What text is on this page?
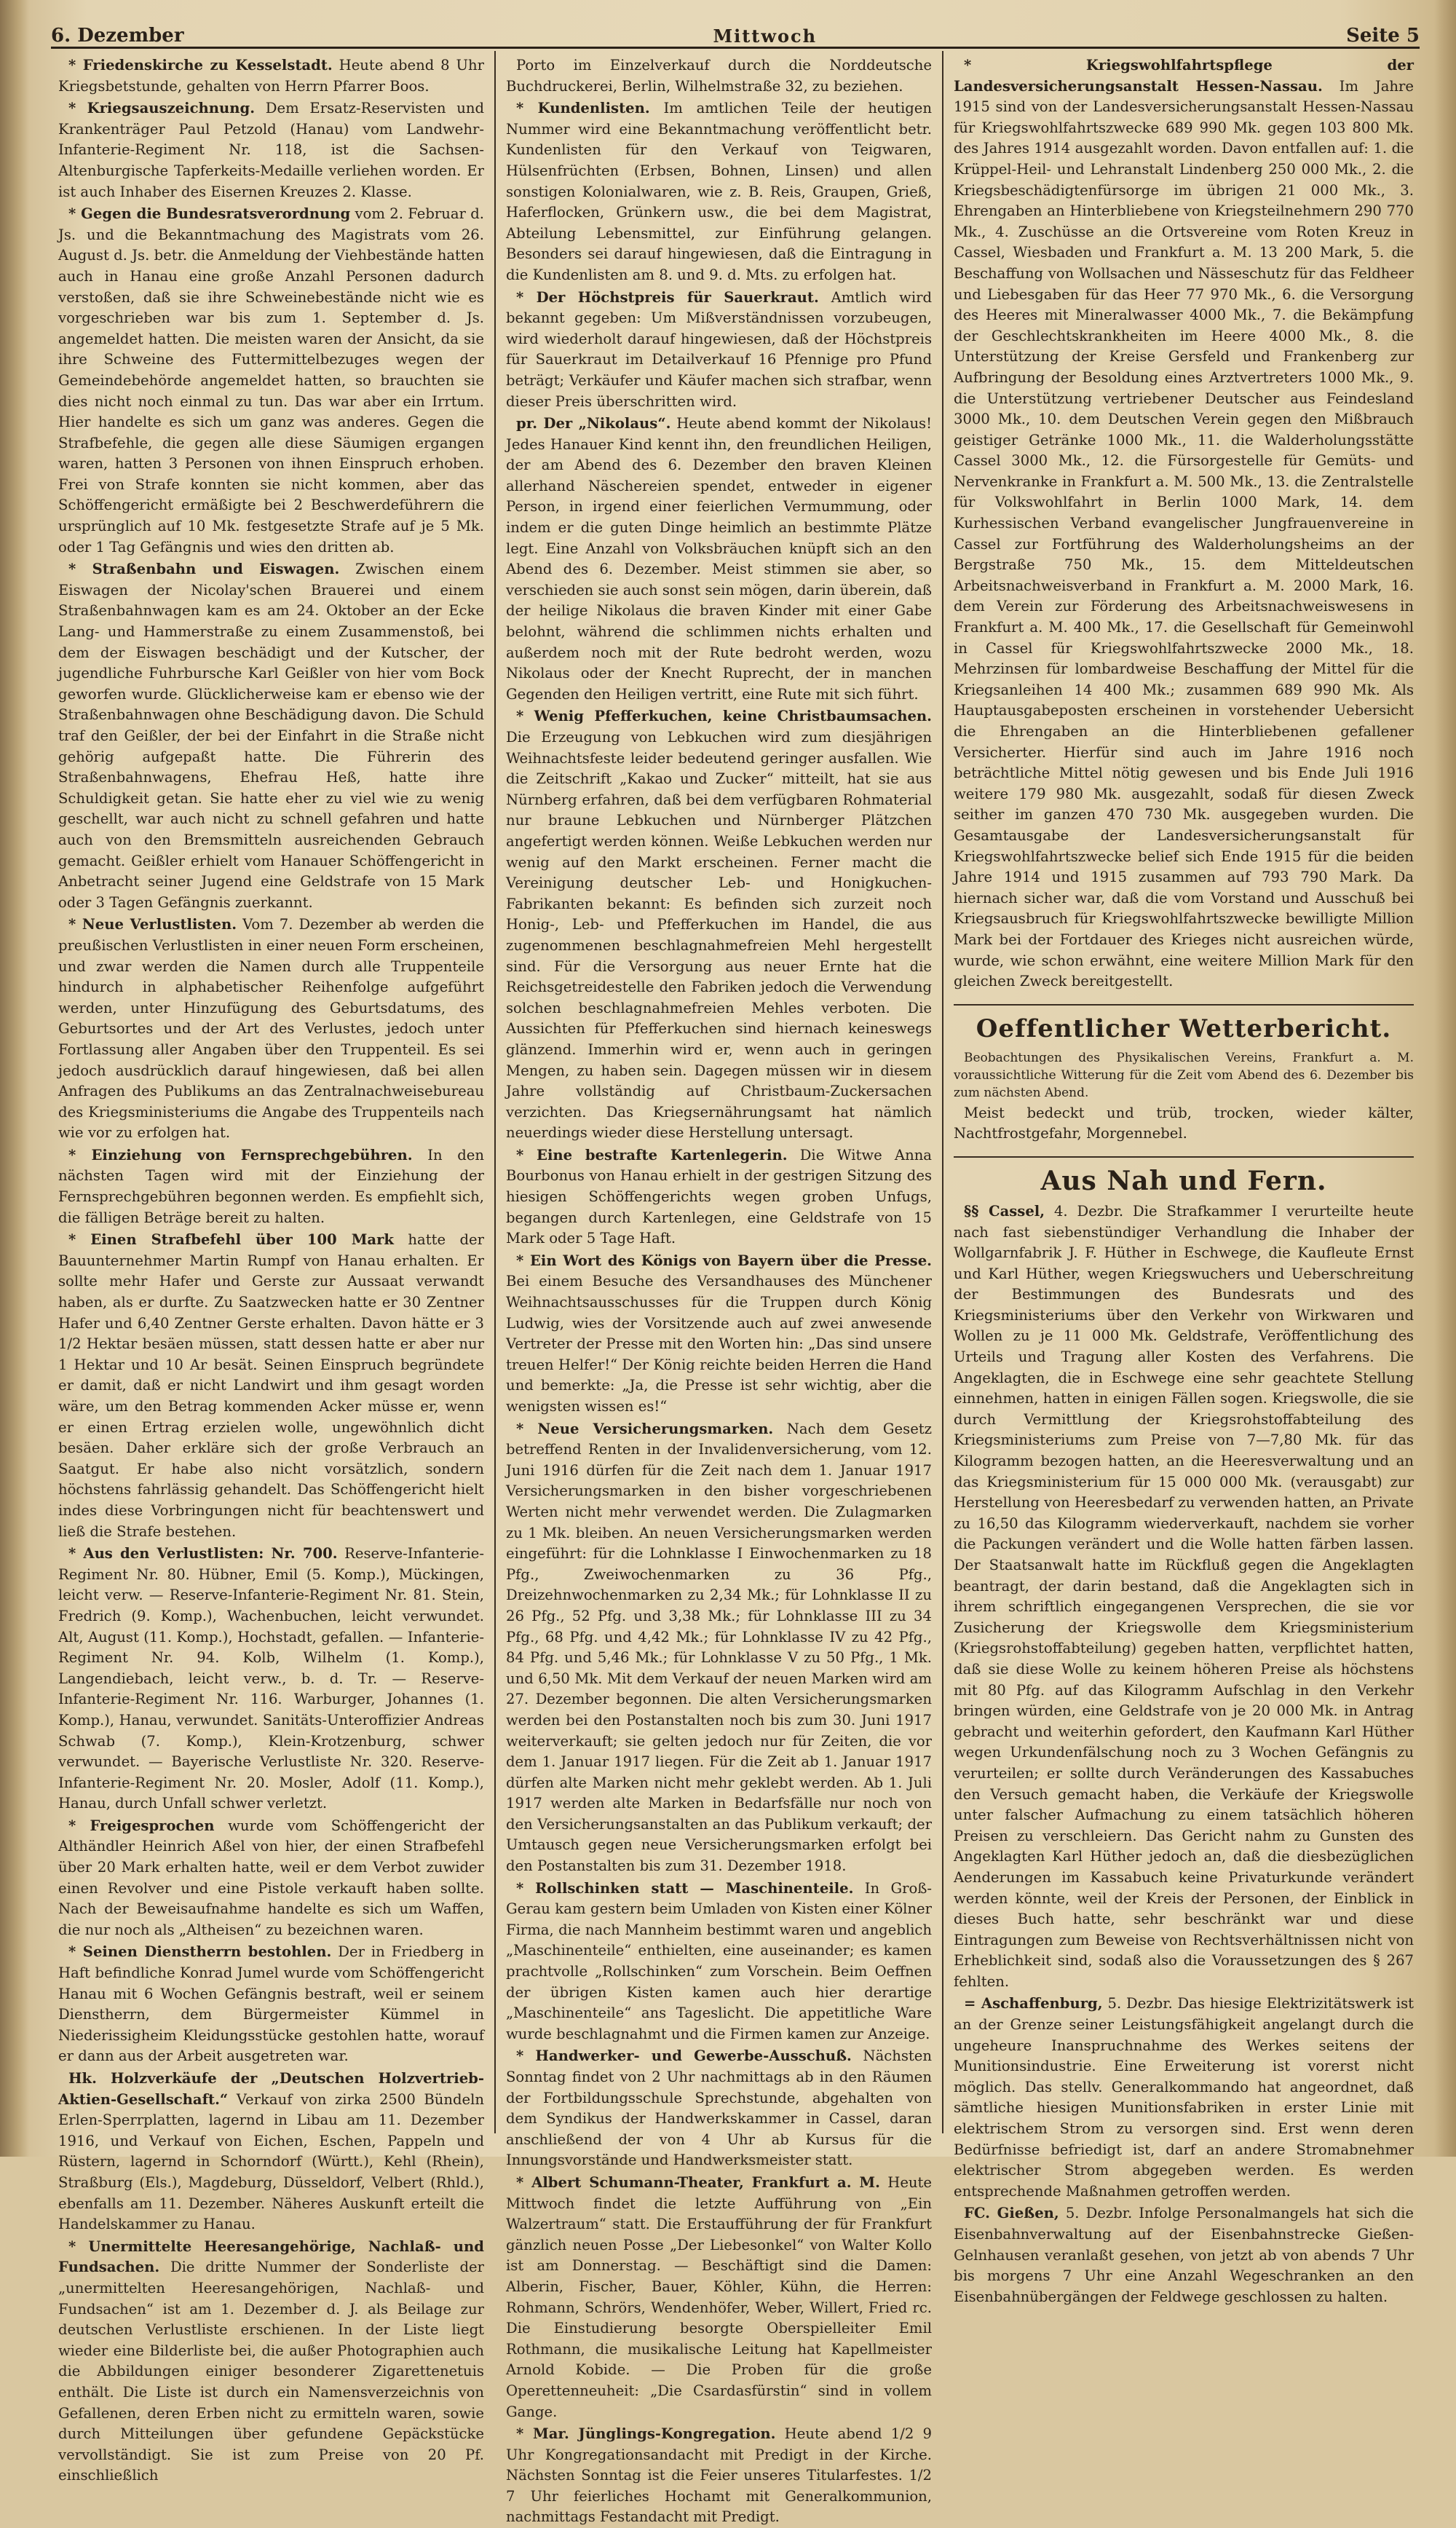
6. Dezember	Mittwoch	Seite 5

* Friedenskirche zu Kesselstadt. Heute abend 8 Uhr Kriegsbetstunde, gehalten von Herrn Pfarrer Boos.

* Kriegsauszeichnung. Dem Ersatz-Reservisten und Krankenträger Paul Petzold (Hanau) vom Landwehr-Infanterie-Regiment Nr. 118, ist die Sachsen-Altenburgische Tapferkeits-Medaille verliehen worden. Er ist auch Inhaber des Eisernen Kreuzes 2. Klasse.

* Gegen die Bundesratsverordnung vom 2. Februar d. Js. und die Bekanntmachung des Magistrats vom 26. August d. Js. betr. die Anmeldung der Viehbestände hatten auch in Hanau eine große Anzahl Personen dadurch verstoßen, daß sie ihre Schweinebestände nicht wie es vorgeschrieben war bis zum 1. September d. Js. angemeldet hatten. Die meisten waren der Ansicht, da sie ihre Schweine des Futtermittelbezuges wegen der Gemeindebehörde angemeldet hatten, so brauchten sie dies nicht noch einmal zu tun. Das war aber ein Irrtum. Hier handelte es sich um ganz was anderes. Gegen die Strafbefehle, die gegen alle diese Säumigen ergangen waren, hatten 3 Personen von ihnen Einspruch erhoben. Frei von Strafe konnten sie nicht kommen, aber das Schöffengericht ermäßigte bei 2 Beschwerdeführern die ursprünglich auf 10 Mk. festgesetzte Strafe auf je 5 Mk. oder 1 Tag Gefängnis und wies den dritten ab.

* Straßenbahn und Eiswagen. Zwischen einem Eiswagen der Nicolay'schen Brauerei und einem Straßenbahnwagen kam es am 24. Oktober an der Ecke Lang- und Hammerstraße zu einem Zusammenstoß, bei dem der Eiswagen beschädigt und der Kutscher, der jugendliche Fuhrbursche Karl Geißler von hier vom Bock geworfen wurde. Glücklicherweise kam er ebenso wie der Straßenbahnwagen ohne Beschädigung davon. Die Schuld traf den Geißler, der bei der Einfahrt in die Straße nicht gehörig aufgepaßt hatte. Die Führerin des Straßenbahnwagens, Ehefrau Heß, hatte ihre Schuldigkeit getan. Sie hatte eher zu viel wie zu wenig geschellt, war auch nicht zu schnell gefahren und hatte auch von den Bremsmitteln ausreichenden Gebrauch gemacht. Geißler erhielt vom Hanauer Schöffengericht in Anbetracht seiner Jugend eine Geldstrafe von 15 Mark oder 3 Tagen Gefängnis zuerkannt.

* Neue Verlustlisten. Vom 7. Dezember ab werden die preußischen Verlustlisten in einer neuen Form erscheinen, und zwar werden die Namen durch alle Truppenteile hindurch in alphabetischer Reihenfolge aufgeführt werden, unter Hinzufügung des Geburtsdatums, des Geburtsortes und der Art des Verlustes, jedoch unter Fortlassung aller Angaben über den Truppenteil. Es sei jedoch ausdrücklich darauf hingewiesen, daß bei allen Anfragen des Publikums an das Zentralnachweisebureau des Kriegsministeriums die Angabe des Truppenteils nach wie vor zu erfolgen hat.

* Einziehung von Fernsprechgebühren. In den nächsten Tagen wird mit der Einziehung der Fernsprechgebühren begonnen werden. Es empfiehlt sich, die fälligen Beträge bereit zu halten.

* Einen Strafbefehl über 100 Mark hatte der Bauunternehmer Martin Rumpf von Hanau erhalten. Er sollte mehr Hafer und Gerste zur Aussaat verwandt haben, als er durfte. Zu Saatzwecken hatte er 30 Zentner Hafer und 6,40 Zentner Gerste erhalten. Davon hätte er 3 1/2 Hektar besäen müssen, statt dessen hatte er aber nur 1 Hektar und 10 Ar besät. Seinen Einspruch begründete er damit, daß er nicht Landwirt und ihm gesagt worden wäre, um den Betrag kommenden Acker müsse er, wenn er einen Ertrag erzielen wolle, ungewöhnlich dicht besäen. Daher erkläre sich der große Verbrauch an Saatgut. Er habe also nicht vorsätzlich, sondern höchstens fahrlässig gehandelt. Das Schöffengericht hielt indes diese Vorbringungen nicht für beachtenswert und ließ die Strafe bestehen.

* Aus den Verlustlisten: Nr. 700. Reserve-Infanterie-Regiment Nr. 80. Hübner, Emil (5. Komp.), Mückingen, leicht verw. — Reserve-Infanterie-Regiment Nr. 81. Stein, Fredrich (9. Komp.), Wachenbuchen, leicht verwundet. Alt, August (11. Komp.), Hochstadt, gefallen. — Infanterie-Regiment Nr. 94. Kolb, Wilhelm (1. Komp.), Langendiebach, leicht verw., b. d. Tr. — Reserve-Infanterie-Regiment Nr. 116. Warburger, Johannes (1. Komp.), Hanau, verwundet. Sanitäts-Unteroffizier Andreas Schwab (7. Komp.), Klein-Krotzenburg, schwer verwundet. — Bayerische Verlustliste Nr. 320. Reserve-Infanterie-Regiment Nr. 20. Mosler, Adolf (11. Komp.), Hanau, durch Unfall schwer verletzt.

* Freigesprochen wurde vom Schöffengericht der Althändler Heinrich Aßel von hier, der einen Strafbefehl über 20 Mark erhalten hatte, weil er dem Verbot zuwider einen Revolver und eine Pistole verkauft haben sollte. Nach der Beweisaufnahme handelte es sich um Waffen, die nur noch als „Altheisen“ zu bezeichnen waren.

* Seinen Dienstherrn bestohlen. Der in Friedberg in Haft befindliche Konrad Jumel wurde vom Schöffengericht Hanau mit 6 Wochen Gefängnis bestraft, weil er seinem Dienstherrn, dem Bürgermeister Kümmel in Niederissigheim Kleidungsstücke gestohlen hatte, worauf er dann aus der Arbeit ausgetreten war.

Hk. Holzverkäufe der „Deutschen Holzvertrieb-Aktien-Gesellschaft.“ Verkauf von zirka 2500 Bündeln Erlen-Sperrplatten, lagernd in Libau am 11. Dezember 1916, und Verkauf von Eichen, Eschen, Pappeln und Rüstern, lagernd in Schorndorf (Württ.), Kehl (Rhein), Straßburg (Els.), Magdeburg, Düsseldorf, Velbert (Rhld.), ebenfalls am 11. Dezember. Näheres Auskunft erteilt die Handelskammer zu Hanau.

* Unermittelte Heeresangehörige, Nachlaß- und Fundsachen. Die dritte Nummer der Sonderliste der „unermittelten Heeresangehörigen, Nachlaß- und Fundsachen“ ist am 1. Dezember d. J. als Beilage zur deutschen Verlustliste erschienen. In der Liste liegt wieder eine Bilderliste bei, die außer Photographien auch die Abbildungen einiger besonderer Zigarettenetuis enthält. Die Liste ist durch ein Namensverzeichnis von Gefallenen, deren Erben nicht zu ermitteln waren, sowie durch Mitteilungen über gefundene Gepäckstücke vervollständigt. Sie ist zum Preise von 20 Pf. einschließlich

Porto im Einzelverkauf durch die Norddeutsche Buchdruckerei, Berlin, Wilhelmstraße 32, zu beziehen.

* Kundenlisten. Im amtlichen Teile der heutigen Nummer wird eine Bekanntmachung veröffentlicht betr. Kundenlisten für den Verkauf von Teigwaren, Hülsenfrüchten (Erbsen, Bohnen, Linsen) und allen sonstigen Kolonialwaren, wie z. B. Reis, Graupen, Grieß, Haferflocken, Grünkern usw., die bei dem Magistrat, Abteilung Lebensmittel, zur Einführung gelangen. Besonders sei darauf hingewiesen, daß die Eintragung in die Kundenlisten am 8. und 9. d. Mts. zu erfolgen hat.

* Der Höchstpreis für Sauerkraut. Amtlich wird bekannt gegeben: Um Mißverständnissen vorzubeugen, wird wiederholt darauf hingewiesen, daß der Höchstpreis für Sauerkraut im Detailverkauf 16 Pfennige pro Pfund beträgt; Verkäufer und Käufer machen sich strafbar, wenn dieser Preis überschritten wird.

pr. Der „Nikolaus“. Heute abend kommt der Nikolaus! Jedes Hanauer Kind kennt ihn, den freundlichen Heiligen, der am Abend des 6. Dezember den braven Kleinen allerhand Näschereien spendet, entweder in eigener Person, in irgend einer feierlichen Vermummung, oder indem er die guten Dinge heimlich an bestimmte Plätze legt. Eine Anzahl von Volksbräuchen knüpft sich an den Abend des 6. Dezember. Meist stimmen sie aber, so verschieden sie auch sonst sein mögen, darin überein, daß der heilige Nikolaus die braven Kinder mit einer Gabe belohnt, während die schlimmen nichts erhalten und außerdem noch mit der Rute bedroht werden, wozu Nikolaus oder der Knecht Ruprecht, der in manchen Gegenden den Heiligen vertritt, eine Rute mit sich führt.

* Wenig Pfefferkuchen, keine Christbaumsachen. Die Erzeugung von Lebkuchen wird zum diesjährigen Weihnachtsfeste leider bedeutend geringer ausfallen. Wie die Zeitschrift „Kakao und Zucker“ mitteilt, hat sie aus Nürnberg erfahren, daß bei dem verfügbaren Rohmaterial nur braune Lebkuchen und Nürnberger Plätzchen angefertigt werden können. Weiße Lebkuchen werden nur wenig auf den Markt erscheinen. Ferner macht die Vereinigung deutscher Leb- und Honigkuchen-Fabrikanten bekannt: Es befinden sich zurzeit noch Honig-, Leb- und Pfefferkuchen im Handel, die aus zugenommenen beschlagnahmefreien Mehl hergestellt sind. Für die Versorgung aus neuer Ernte hat die Reichsgetreidestelle den Fabriken jedoch die Verwendung solchen beschlagnahmefreien Mehles verboten. Die Aussichten für Pfefferkuchen sind hiernach keineswegs glänzend. Immerhin wird er, wenn auch in geringen Mengen, zu haben sein. Dagegen müssen wir in diesem Jahre vollständig auf Christbaum-Zuckersachen verzichten. Das Kriegsernährungsamt hat nämlich neuerdings wieder diese Herstellung untersagt.

* Eine bestrafte Kartenlegerin. Die Witwe Anna Bourbonus von Hanau erhielt in der gestrigen Sitzung des hiesigen Schöffengerichts wegen groben Unfugs, begangen durch Kartenlegen, eine Geldstrafe von 15 Mark oder 5 Tage Haft.

* Ein Wort des Königs von Bayern über die Presse. Bei einem Besuche des Versandhauses des Münchener Weihnachtsausschusses für die Truppen durch König Ludwig, wies der Vorsitzende auch auf zwei anwesende Vertreter der Presse mit den Worten hin: „Das sind unsere treuen Helfer!“ Der König reichte beiden Herren die Hand und bemerkte: „Ja, die Presse ist sehr wichtig, aber die wenigsten wissen es!“

* Neue Versicherungsmarken. Nach dem Gesetz betreffend Renten in der Invalidenversicherung, vom 12. Juni 1916 dürfen für die Zeit nach dem 1. Januar 1917 Versicherungsmarken in den bisher vorgeschriebenen Werten nicht mehr verwendet werden. Die Zulagmarken zu 1 Mk. bleiben. An neuen Versicherungsmarken werden eingeführt: für die Lohnklasse I Einwochenmarken zu 18 Pfg., Zweiwochenmarken zu 36 Pfg., Dreizehnwochenmarken zu 2,34 Mk.; für Lohnklasse II zu 26 Pfg., 52 Pfg. und 3,38 Mk.; für Lohnklasse III zu 34 Pfg., 68 Pfg. und 4,42 Mk.; für Lohnklasse IV zu 42 Pfg., 84 Pfg. und 5,46 Mk.; für Lohnklasse V zu 50 Pfg., 1 Mk. und 6,50 Mk. Mit dem Verkauf der neuen Marken wird am 27. Dezember begonnen. Die alten Versicherungsmarken werden bei den Postanstalten noch bis zum 30. Juni 1917 weiterverkauft; sie gelten jedoch nur für Zeiten, die vor dem 1. Januar 1917 liegen. Für die Zeit ab 1. Januar 1917 dürfen alte Marken nicht mehr geklebt werden. Ab 1. Juli 1917 werden alte Marken in Bedarfsfälle nur noch von den Versicherungsanstalten an das Publikum verkauft; der Umtausch gegen neue Versicherungsmarken erfolgt bei den Postanstalten bis zum 31. Dezember 1918.

* Rollschinken statt — Maschinenteile. In Groß-Gerau kam gestern beim Umladen von Kisten einer Kölner Firma, die nach Mannheim bestimmt waren und angeblich „Maschinenteile“ enthielten, eine auseinander; es kamen prachtvolle „Rollschinken“ zum Vorschein. Beim Oeffnen der übrigen Kisten kamen auch hier derartige „Maschinenteile“ ans Tageslicht. Die appetitliche Ware wurde beschlagnahmt und die Firmen kamen zur Anzeige.

* Handwerker- und Gewerbe-Ausschuß. Nächsten Sonntag findet von 2 Uhr nachmittags ab in den Räumen der Fortbildungsschule Sprechstunde, abgehalten von dem Syndikus der Handwerkskammer in Cassel, daran anschließend der von 4 Uhr ab Kursus für die Innungsvorstände und Handwerksmeister statt.

* Albert Schumann-Theater, Frankfurt a. M. Heute Mittwoch findet die letzte Aufführung von „Ein Walzertraum“ statt. Die Erstaufführung der für Frankfurt gänzlich neuen Posse „Der Liebesonkel“ von Walter Kollo ist am Donnerstag. — Beschäftigt sind die Damen: Alberin, Fischer, Bauer, Köhler, Kühn, die Herren: Rohmann, Schrörs, Wendenhöfer, Weber, Willert, Fried rc. Die Einstudierung besorgte Oberspielleiter Emil Rothmann, die musikalische Leitung hat Kapellmeister Arnold Kobide. — Die Proben für die große Operettenneuheit: „Die Csardasfürstin“ sind in vollem Gange.

* Mar. Jünglings-Kongregation. Heute abend 1/2 9 Uhr Kongregationsandacht mit Predigt in der Kirche. Nächsten Sonntag ist die Feier unseres Titularfestes. 1/2 7 Uhr feierliches Hochamt mit Generalkommunion, nachmittags Festandacht mit Predigt.

* Kriegswohlfahrtspflege der Landesversicherungsanstalt Hessen-Nassau. Im Jahre 1915 sind von der Landesversicherungsanstalt Hessen-Nassau für Kriegswohlfahrtszwecke 689 990 Mk. gegen 103 800 Mk. des Jahres 1914 ausgezahlt worden. Davon entfallen auf: 1. die Krüppel-Heil- und Lehranstalt Lindenberg 250 000 Mk., 2. die Kriegsbeschädigtenfürsorge im übrigen 21 000 Mk., 3. Ehrengaben an Hinterbliebene von Kriegsteilnehmern 290 770 Mk., 4. Zuschüsse an die Ortsvereine vom Roten Kreuz in Cassel, Wiesbaden und Frankfurt a. M. 13 200 Mark, 5. die Beschaffung von Wollsachen und Nässeschutz für das Feldheer und Liebesgaben für das Heer 77 970 Mk., 6. die Versorgung des Heeres mit Mineralwasser 4000 Mk., 7. die Bekämpfung der Geschlechtskrankheiten im Heere 4000 Mk., 8. die Unterstützung der Kreise Gersfeld und Frankenberg zur Aufbringung der Besoldung eines Arztvertreters 1000 Mk., 9. die Unterstützung vertriebener Deutscher aus Feindesland 3000 Mk., 10. dem Deutschen Verein gegen den Mißbrauch geistiger Getränke 1000 Mk., 11. die Walderholungsstätte Cassel 3000 Mk., 12. die Fürsorgestelle für Gemüts- und Nervenkranke in Frankfurt a. M. 500 Mk., 13. die Zentralstelle für Volkswohlfahrt in Berlin 1000 Mark, 14. dem Kurhessischen Verband evangelischer Jungfrauenvereine in Cassel zur Fortführung des Walderholungsheims an der Bergstraße 750 Mk., 15. dem Mitteldeutschen Arbeitsnachweisverband in Frankfurt a. M. 2000 Mark, 16. dem Verein zur Förderung des Arbeitsnachweiswesens in Frankfurt a. M. 400 Mk., 17. die Gesellschaft für Gemeinwohl in Cassel für Kriegswohlfahrtszwecke 2000 Mk., 18. Mehrzinsen für lombardweise Beschaffung der Mittel für die Kriegsanleihen 14 400 Mk.; zusammen 689 990 Mk. Als Hauptausgabeposten erscheinen in vorstehender Uebersicht die Ehrengaben an die Hinterbliebenen gefallener Versicherter. Hierfür sind auch im Jahre 1916 noch beträchtliche Mittel nötig gewesen und bis Ende Juli 1916 weitere 179 980 Mk. ausgezahlt, sodaß für diesen Zweck seither im ganzen 470 730 Mk. ausgegeben wurden. Die Gesamtausgabe der Landesversicherungsanstalt für Kriegswohlfahrtszwecke belief sich Ende 1915 für die beiden Jahre 1914 und 1915 zusammen auf 793 790 Mark. Da hiernach sicher war, daß die vom Vorstand und Ausschuß bei Kriegsausbruch für Kriegswohlfahrtszwecke bewilligte Million Mark bei der Fortdauer des Krieges nicht ausreichen würde, wurde, wie schon erwähnt, eine weitere Million Mark für den gleichen Zweck bereitgestellt.

Oeffentlicher Wetterbericht.

Beobachtungen des Physikalischen Vereins, Frankfurt a. M. voraussichtliche Witterung für die Zeit vom Abend des 6. Dezember bis zum nächsten Abend.

Meist bedeckt und trüb, trocken, wieder kälter, Nachtfrostgefahr, Morgennebel.

Aus Nah und Fern.

§§ Cassel, 4. Dezbr. Die Strafkammer I verurteilte heute nach fast siebenstündiger Verhandlung die Inhaber der Wollgarnfabrik J. F. Hüther in Eschwege, die Kaufleute Ernst und Karl Hüther, wegen Kriegswuchers und Ueberschreitung der Bestimmungen des Bundesrats und des Kriegsministeriums über den Verkehr von Wirkwaren und Wollen zu je 11 000 Mk. Geldstrafe, Veröffentlichung des Urteils und Tragung aller Kosten des Verfahrens. Die Angeklagten, die in Eschwege eine sehr geachtete Stellung einnehmen, hatten in einigen Fällen sogen. Kriegswolle, die sie durch Vermittlung der Kriegsrohstoffabteilung des Kriegsministeriums zum Preise von 7—7,80 Mk. für das Kilogramm bezogen hatten, an die Heeresverwaltung und an das Kriegsministerium für 15 000 000 Mk. (verausgabt) zur Herstellung von Heeresbedarf zu verwenden hatten, an Private zu 16,50 das Kilogramm wiederverkauft, nachdem sie vorher die Packungen verändert und die Wolle hatten färben lassen. Der Staatsanwalt hatte im Rückfluß gegen die Angeklagten beantragt, der darin bestand, daß die Angeklagten sich in ihrem schriftlich eingegangenen Versprechen, die sie vor Zusicherung der Kriegswolle dem Kriegsministerium (Kriegsrohstoffabteilung) gegeben hatten, verpflichtet hatten, daß sie diese Wolle zu keinem höheren Preise als höchstens mit 80 Pfg. auf das Kilogramm Aufschlag in den Verkehr bringen würden, eine Geldstrafe von je 20 000 Mk. in Antrag gebracht und weiterhin gefordert, den Kaufmann Karl Hüther wegen Urkundenfälschung noch zu 3 Wochen Gefängnis zu verurteilen; er sollte durch Veränderungen des Kassabuches den Versuch gemacht haben, die Verkäufe der Kriegswolle unter falscher Aufmachung zu einem tatsächlich höheren Preisen zu verschleiern. Das Gericht nahm zu Gunsten des Angeklagten Karl Hüther jedoch an, daß die diesbezüglichen Aenderungen im Kassabuch keine Privaturkunde verändert werden könnte, weil der Kreis der Personen, der Einblick in dieses Buch hatte, sehr beschränkt war und diese Eintragungen zum Beweise von Rechtsverhältnissen nicht von Erheblichkeit sind, sodaß also die Voraussetzungen des § 267 fehlten.

= Aschaffenburg, 5. Dezbr. Das hiesige Elektrizitätswerk ist an der Grenze seiner Leistungsfähigkeit angelangt durch die ungeheure Inanspruchnahme des Werkes seitens der Munitionsindustrie. Eine Erweiterung ist vorerst nicht möglich. Das stellv. Generalkommando hat angeordnet, daß sämtliche hiesigen Munitionsfabriken in erster Linie mit elektrischem Strom zu versorgen sind. Erst wenn deren Bedürfnisse befriedigt ist, darf an andere Stromabnehmer elektrischer Strom abgegeben werden. Es werden entsprechende Maßnahmen getroffen werden.

FC. Gießen, 5. Dezbr. Infolge Personalmangels hat sich die Eisenbahnverwaltung auf der Eisenbahnstrecke Gießen-Gelnhausen veranlaßt gesehen, von jetzt ab von abends 7 Uhr bis morgens 7 Uhr eine Anzahl Wegeschranken an den Eisenbahnübergängen der Feldwege geschlossen zu halten.
